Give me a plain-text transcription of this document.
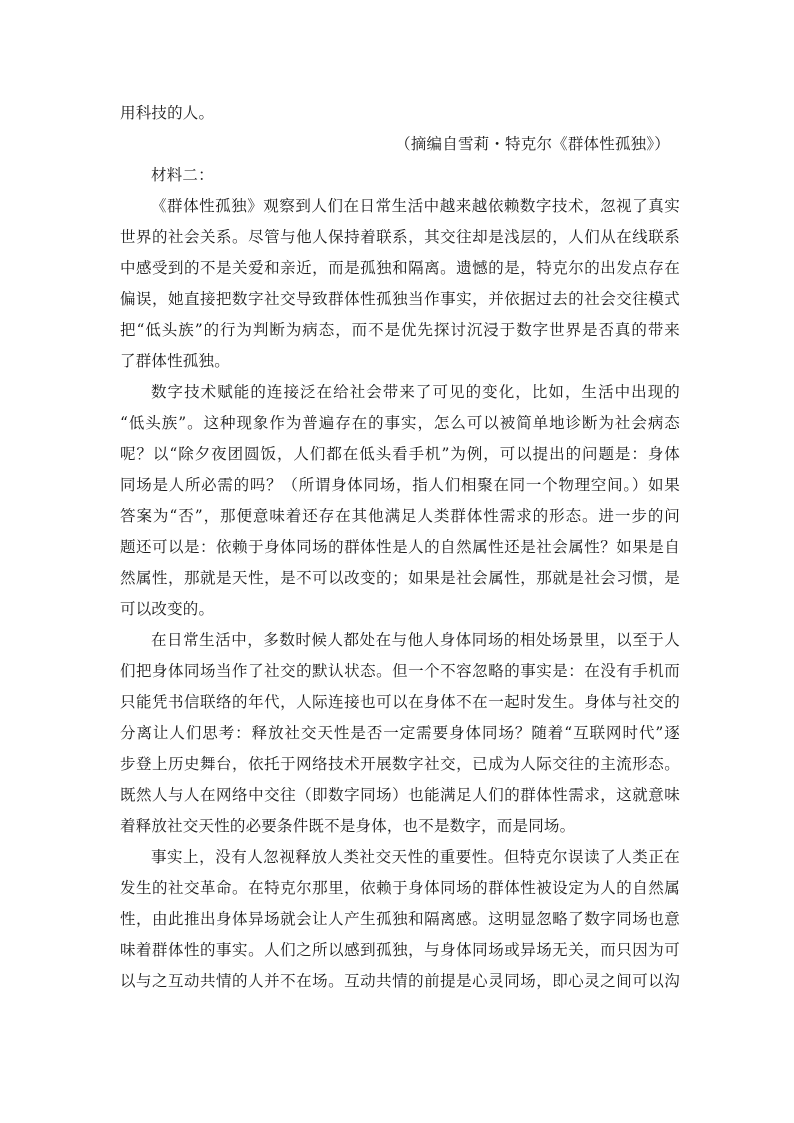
用科技的人。
（摘编自雪莉・特克尔《群体性孤独》）
材料二：
《群体性孤独》观察到人们在日常生活中越来越依赖数字技术，忽视了真实
世界的社会关系。尽管与他人保持着联系，其交往却是浅层的，人们从在线联系
中感受到的不是关爱和亲近，而是孤独和隔离。遗憾的是，特克尔的出发点存在
偏误，她直接把数字社交导致群体性孤独当作事实，并依据过去的社会交往模式
把“低头族”的行为判断为病态，而不是优先探讨沉浸于数字世界是否真的带来
了群体性孤独。
数字技术赋能的连接泛在给社会带来了可见的变化，比如，生活中出现的
“低头族”。这种现象作为普遍存在的事实，怎么可以被简单地诊断为社会病态
呢？以“除夕夜团圆饭，人们都在低头看手机”为例，可以提出的问题是：身体
同场是人所必需的吗？（所谓身体同场，指人们相聚在同一个物理空间。）如果
答案为“否”，那便意味着还存在其他满足人类群体性需求的形态。进一步的问
题还可以是：依赖于身体同场的群体性是人的自然属性还是社会属性？如果是自
然属性，那就是天性，是不可以改变的；如果是社会属性，那就是社会习惯，是
可以改变的。
在日常生活中，多数时候人都处在与他人身体同场的相处场景里，以至于人
们把身体同场当作了社交的默认状态。但一个不容忽略的事实是：在没有手机而
只能凭书信联络的年代，人际连接也可以在身体不在一起时发生。身体与社交的
分离让人们思考：释放社交天性是否一定需要身体同场？随着“互联网时代”逐
步登上历史舞台，依托于网络技术开展数字社交，已成为人际交往的主流形态。
既然人与人在网络中交往（即数字同场）也能满足人们的群体性需求，这就意味
着释放社交天性的必要条件既不是身体，也不是数字，而是同场。
事实上，没有人忽视释放人类社交天性的重要性。但特克尔误读了人类正在
发生的社交革命。在特克尔那里，依赖于身体同场的群体性被设定为人的自然属
性，由此推出身体异场就会让人产生孤独和隔离感。这明显忽略了数字同场也意
味着群体性的事实。人们之所以感到孤独，与身体同场或异场无关，而只因为可
以与之互动共情的人并不在场。互动共情的前提是心灵同场，即心灵之间可以沟
